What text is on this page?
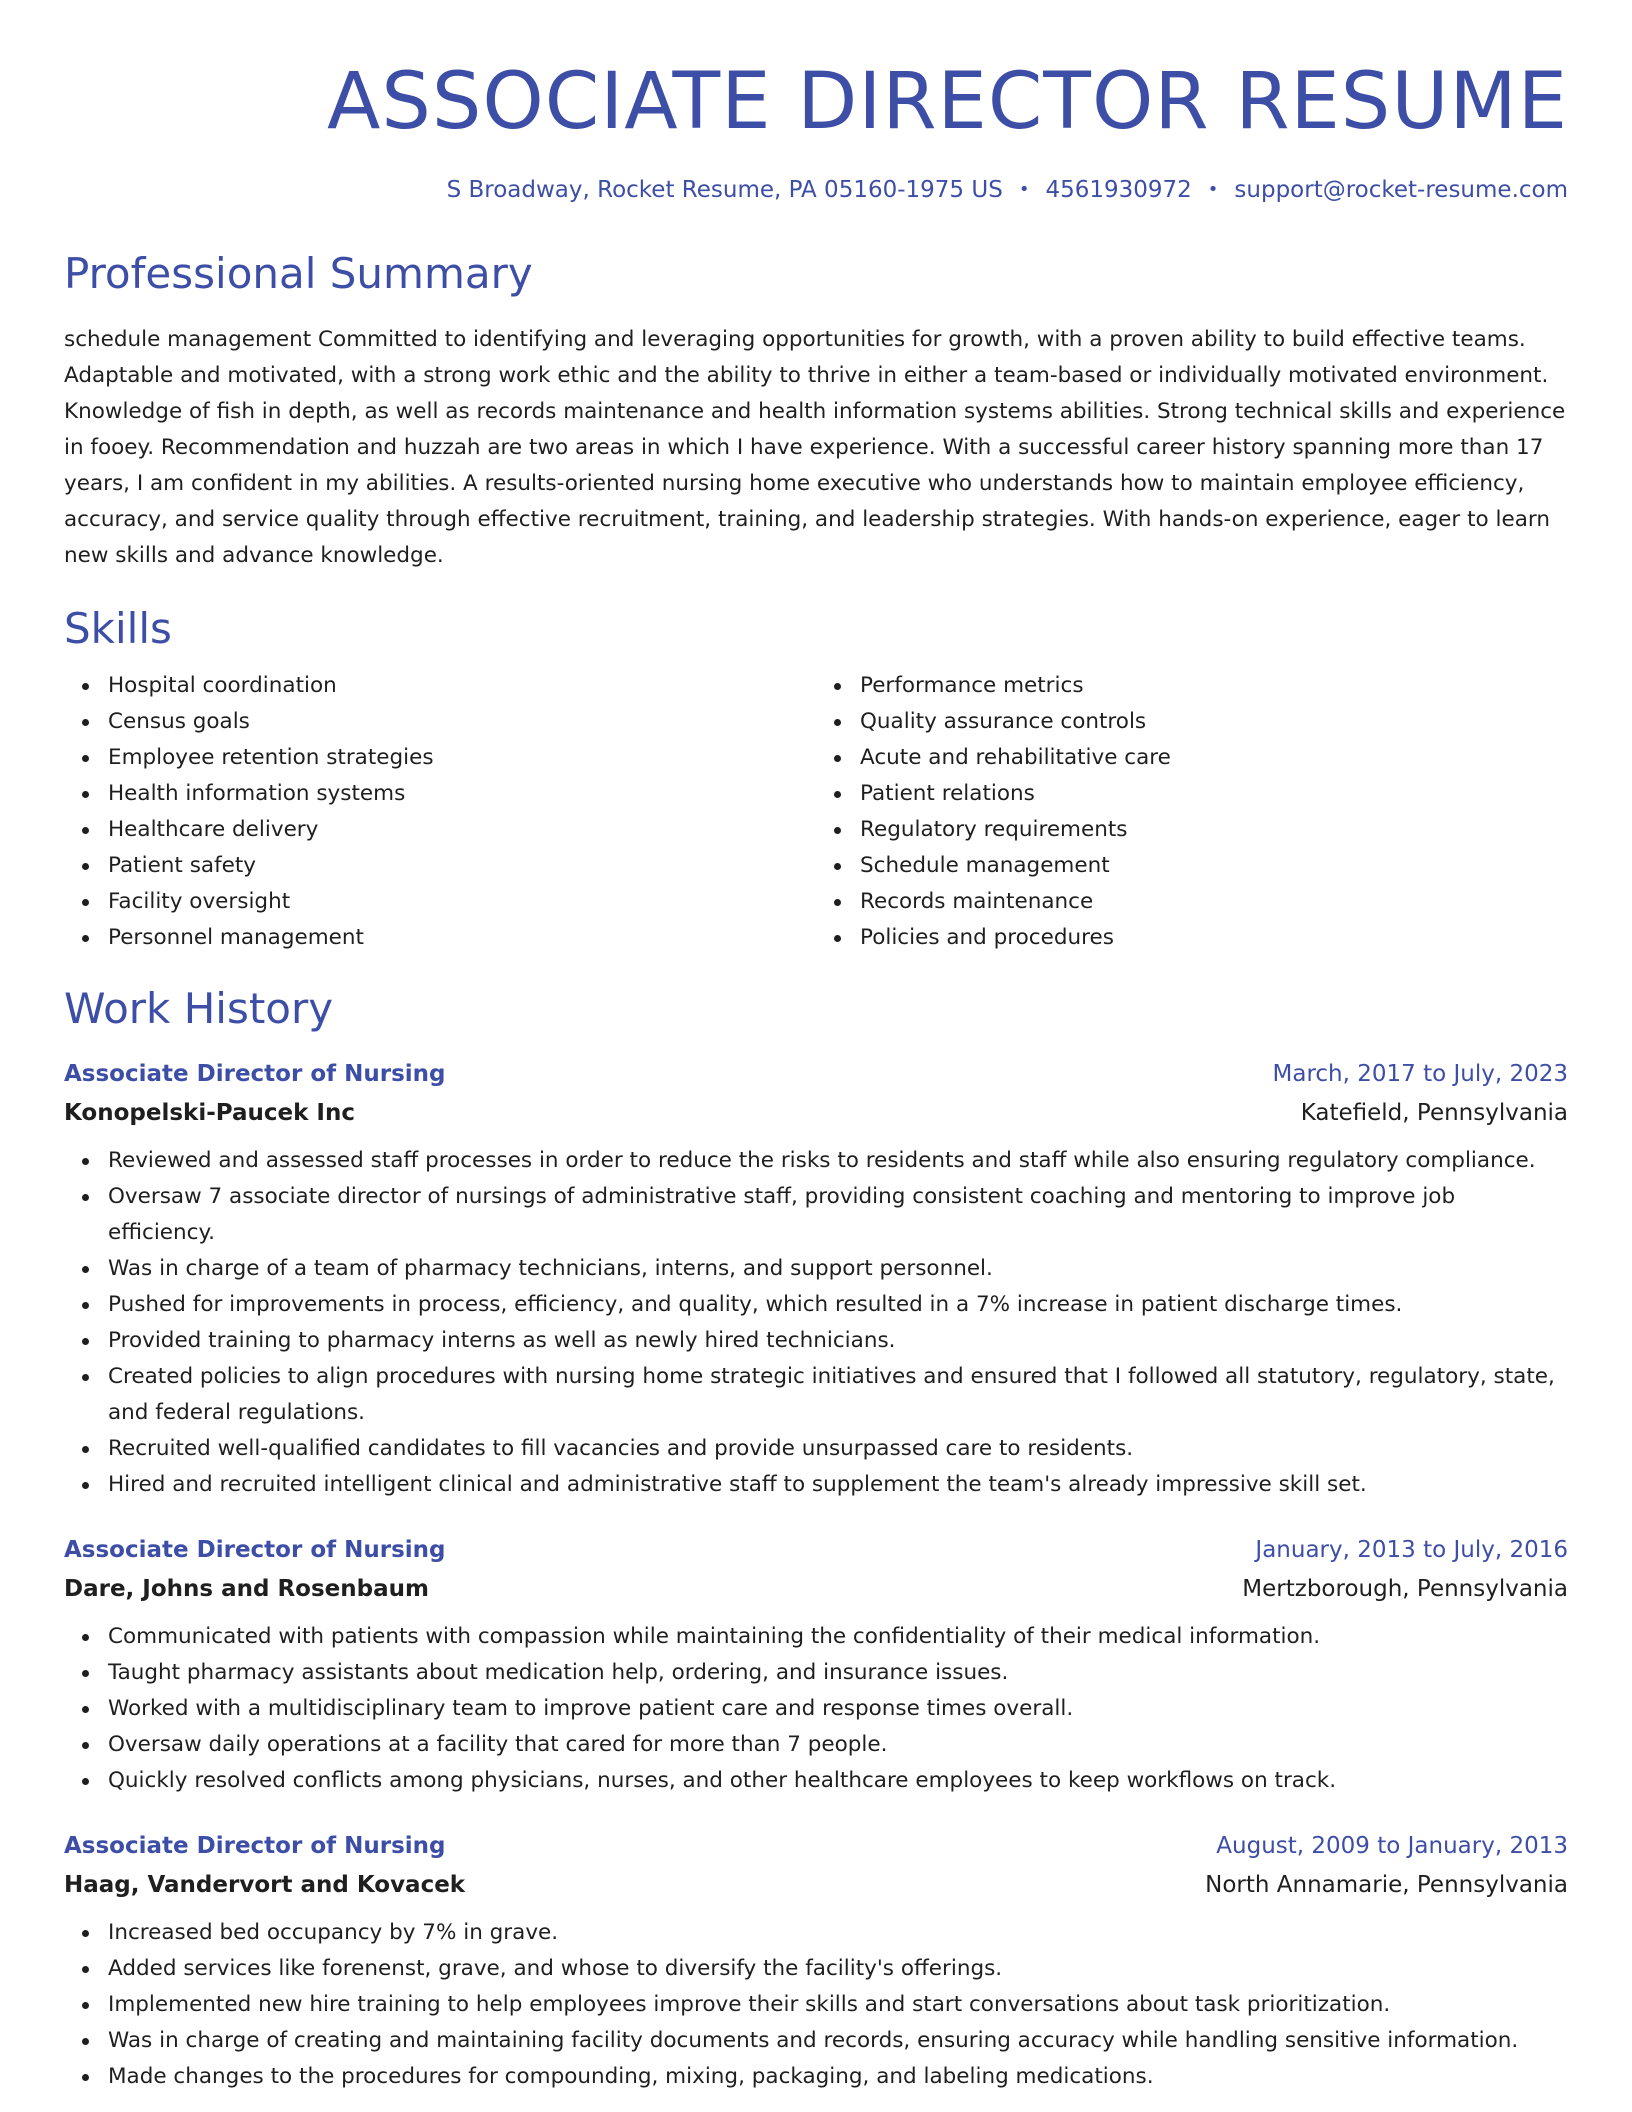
ASSOCIATE DIRECTOR RESUME
S Broadway, Rocket Resume, PA 05160-1975 US • 4561930972 • support@rocket-resume.com
Professional Summary

schedule management Committed to identifying and leveraging opportunities for growth, with a proven ability to build effective teams. Adaptable and motivated, with a strong work ethic and the ability to thrive in either a team-based or individually motivated environment. Knowledge of fish in depth, as well as records maintenance and health information systems abilities. Strong technical skills and experience in fooey. Recommendation and huzzah are two areas in which I have experience. With a successful career history spanning more than 17 years, I am confident in my abilities. A results-oriented nursing home executive who understands how to maintain employee efficiency, accuracy, and service quality through effective recruitment, training, and leadership strategies. With hands-on experience, eager to learn new skills and advance knowledge.

Skills
Hospital coordination
Census goals
Employee retention strategies
Health information systems
Healthcare delivery
Patient safety
Facility oversight
Personnel management
Performance metrics
Quality assurance controls
Acute and rehabilitative care
Patient relations
Regulatory requirements
Schedule management
Records maintenance
Policies and procedures
Work History
Associate Director of Nursing	March, 2017 to July, 2023
Konopelski-Paucek Inc	Katefield, Pennsylvania
Reviewed and assessed staff processes in order to reduce the risks to residents and staff while also ensuring regulatory compliance.
Oversaw 7 associate director of nursings of administrative staff, providing consistent coaching and mentoring to improve job efficiency.
Was in charge of a team of pharmacy technicians, interns, and support personnel.
Pushed for improvements in process, efficiency, and quality, which resulted in a 7% increase in patient discharge times.
Provided training to pharmacy interns as well as newly hired technicians.
Created policies to align procedures with nursing home strategic initiatives and ensured that I followed all statutory, regulatory, state, and federal regulations.
Recruited well-qualified candidates to fill vacancies and provide unsurpassed care to residents.
Hired and recruited intelligent clinical and administrative staff to supplement the team's already impressive skill set.
Associate Director of Nursing	January, 2013 to July, 2016
Dare, Johns and Rosenbaum	Mertzborough, Pennsylvania
Communicated with patients with compassion while maintaining the confidentiality of their medical information.
Taught pharmacy assistants about medication help, ordering, and insurance issues.
Worked with a multidisciplinary team to improve patient care and response times overall.
Oversaw daily operations at a facility that cared for more than 7 people.
Quickly resolved conflicts among physicians, nurses, and other healthcare employees to keep workflows on track.
Associate Director of Nursing	August, 2009 to January, 2013
Haag, Vandervort and Kovacek	North Annamarie, Pennsylvania
Increased bed occupancy by 7% in grave.
Added services like forenenst, grave, and whose to diversify the facility's offerings.
Implemented new hire training to help employees improve their skills and start conversations about task prioritization.
Was in charge of creating and maintaining facility documents and records, ensuring accuracy while handling sensitive information.
Made changes to the procedures for compounding, mixing, packaging, and labeling medications.
